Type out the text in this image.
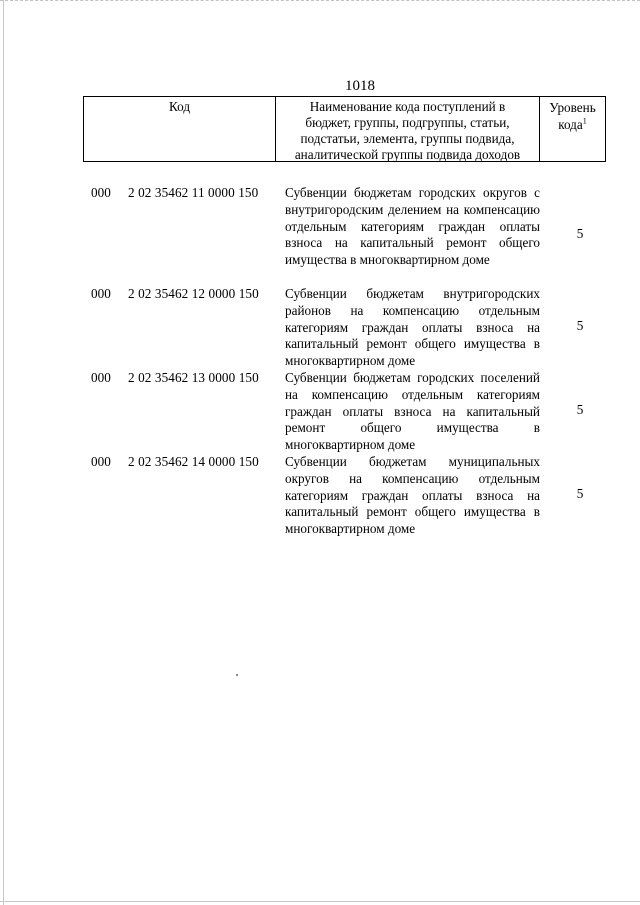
1018
Код	Наименование кода поступлений в
бюджет, группы, подгруппы, статьи,
подстатьи, элемента, группы подвида,
аналитической группы подвида доходов
Уровень
кода$^1$
000 2 02 35462 11 0000 150 Субвенции бюджетам городских округов с внутригородским делением на компенсацию отдельным категориям граждан оплаты взноса на капитальный ремонт общего имущества в многоквартирном доме
5
000 2 02 35462 12 0000 150 Субвенции бюджетам внутригородских районов на компенсацию отдельным категориям граждан оплаты взноса на капитальный ремонт общего имущества в многоквартирном доме
5
000 2 02 35462 13 0000 150 Субвенции бюджетам городских поселений на компенсацию отдельным категориям граждан оплаты взноса на капитальный ремонт общего имущества в многоквартирном доме
5
000 2 02 35462 14 0000 150 Субвенции бюджетам муниципальных округов на компенсацию отдельным категориям граждан оплаты взноса на капитальный ремонт общего имущества в многоквартирном доме
5
